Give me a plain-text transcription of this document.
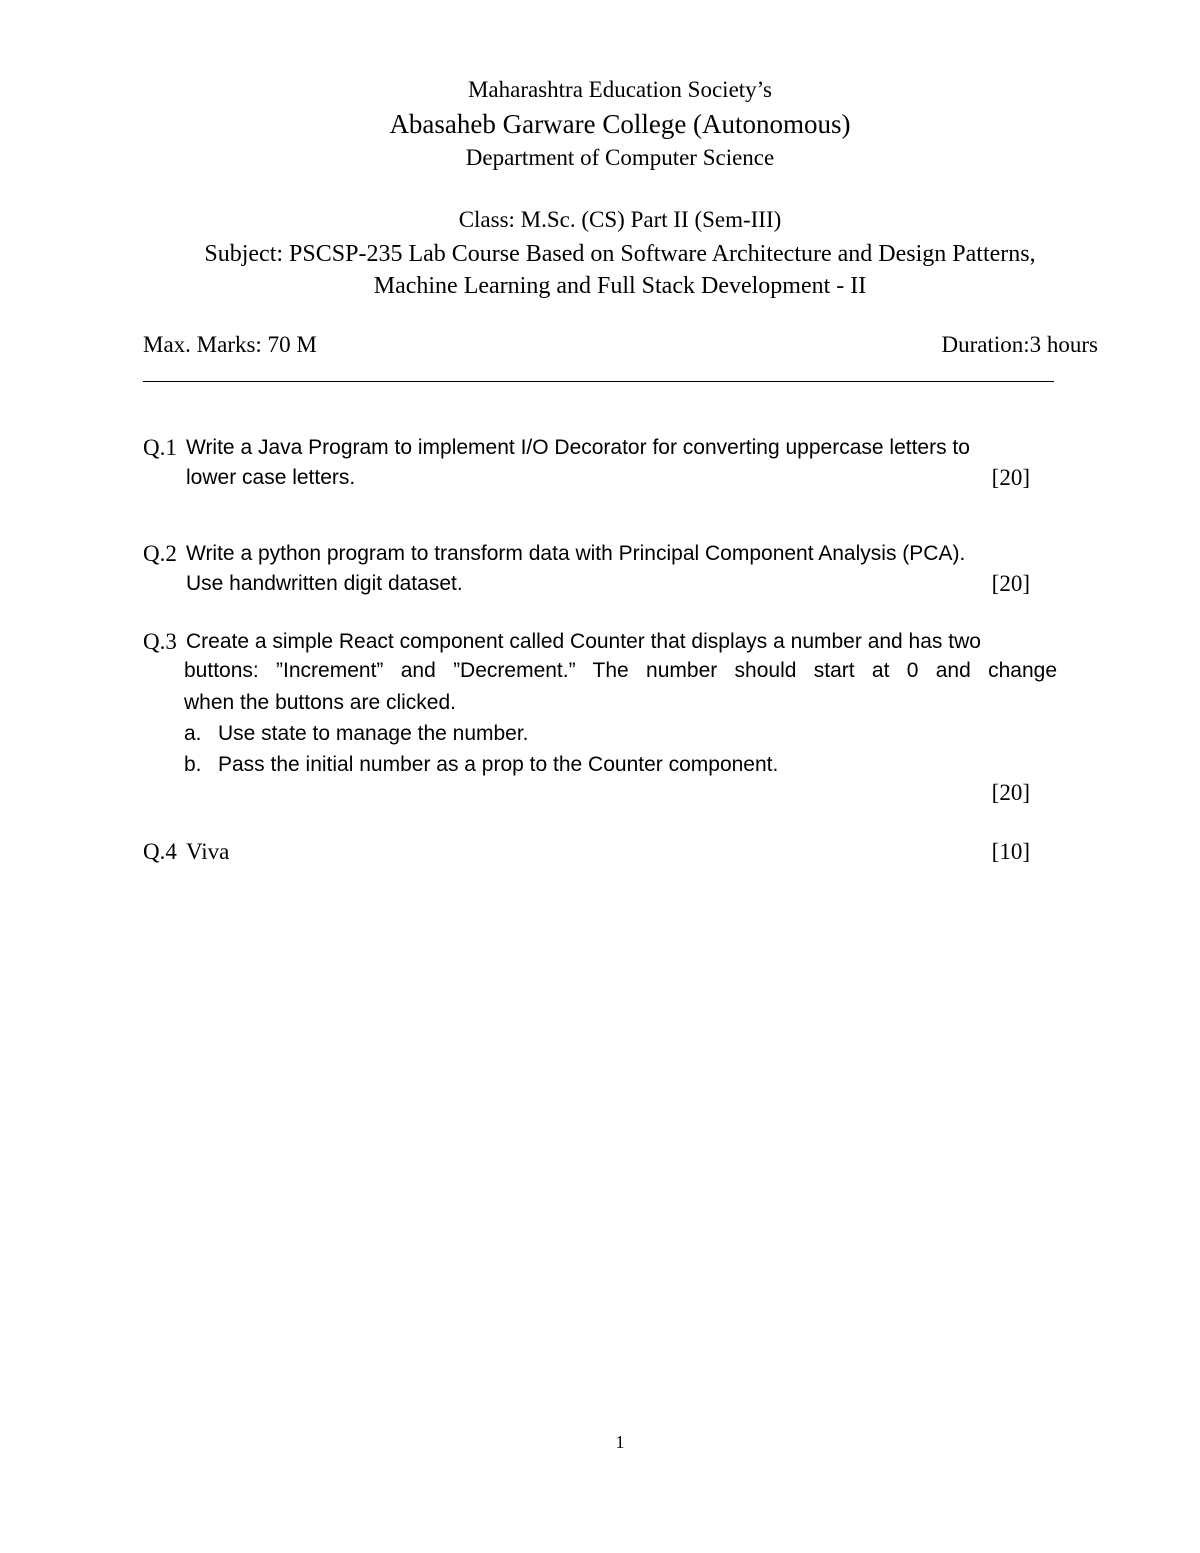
Maharashtra Education Society’s
Abasaheb Garware College (Autonomous)
Department of Computer Science
Class: M.Sc. (CS) Part II (Sem-III)
Subject: PSCSP-235 Lab Course Based on Software Architecture and Design Patterns,
Machine Learning and Full Stack Development - II
Max. Marks: 70 M	Duration:3 hours
Q.1 Write a Java Program to implement I/O Decorator for converting uppercase letters to
lower case letters.	[20]
Q.2 Write a python program to transform data with Principal Component Analysis (PCA).
Use handwritten digit dataset.	[20]
Q.3 Create a simple React component called Counter that displays a number and has two
buttons: ”Increment” and ”Decrement.” The number should start at 0 and change
when the buttons are clicked.
a. Use state to manage the number.
b. Pass the initial number as a prop to the Counter component.
[20]
Q.4 Viva	[10]
1
